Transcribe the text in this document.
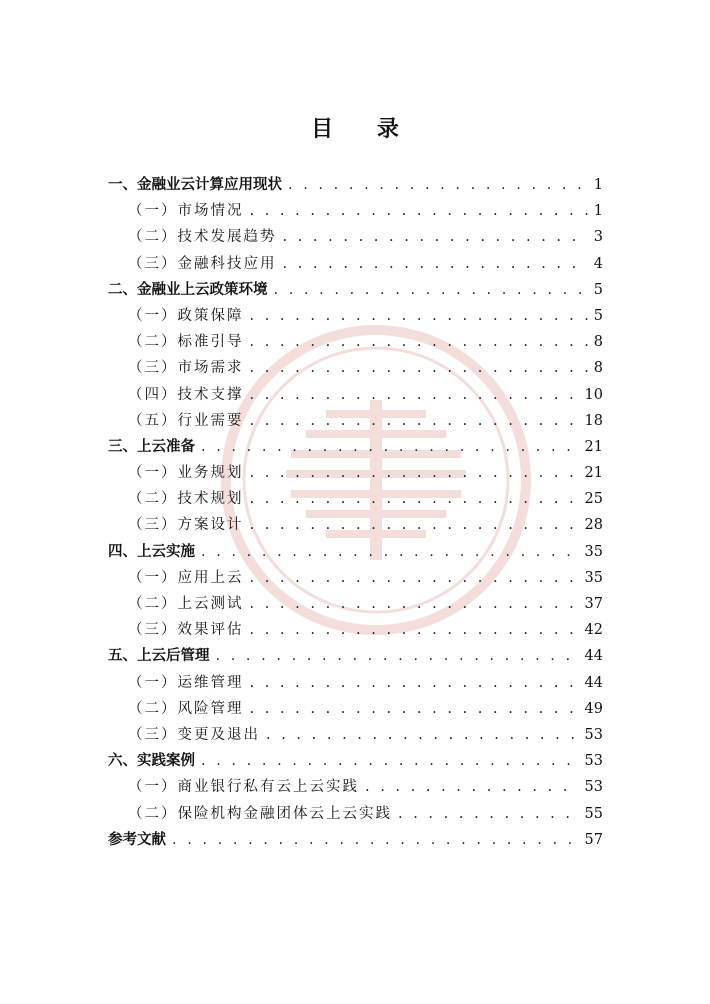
目 录
一、金融业云计算应用现状 . . .	1
（一）市场情况 . . .	1
（二）技术发展趋势 . . .	3
（三）金融科技应用 . . .	4
二、金融业上云政策环境 . . .	5
（一）政策保障 . . .	5
（二）标准引导 . . .	8
（三）市场需求 . . .	8
（四）技术支撑 . . .	10
（五）行业需要 . . .	18
三、上云准备 . . .	21
（一）业务规划 . . .	21
（二）技术规划 . . .	25
（三）方案设计 . . .	28
四、上云实施 . . .	35
（一）应用上云 . . .	35
（二）上云测试 . . .	37
（三）效果评估 . . .	42
五、上云后管理 . . .	44
（一）运维管理 . . .	44
（二）风险管理 . . .	49
（三）变更及退出 . . .	53
六、实践案例 . . .	53
（一）商业银行私有云上云实践 . . .	53
（二）保险机构金融团体云上云实践 . . .	55
参考文献 . . .	57
